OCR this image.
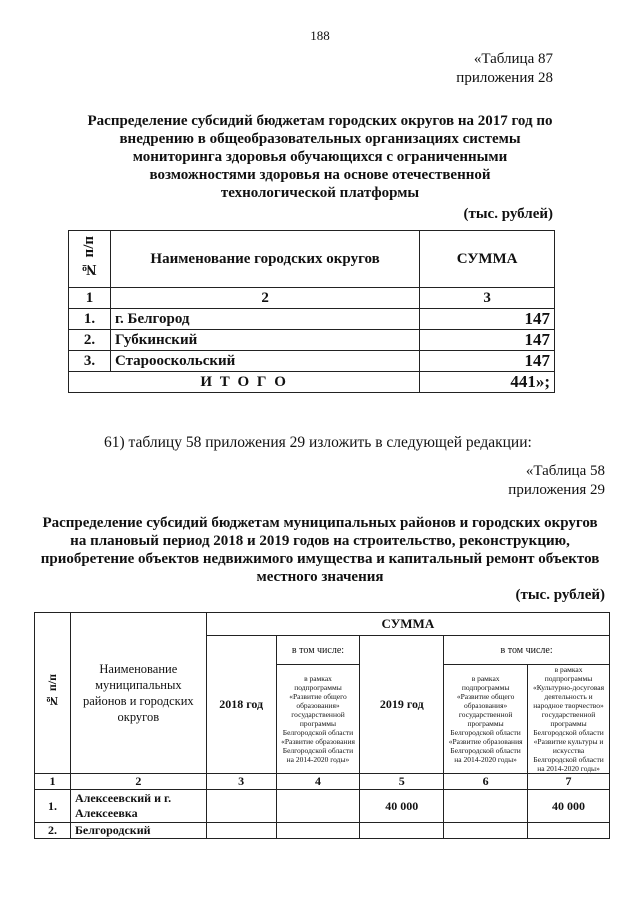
188
«Таблица 87
приложения 28
Распределение субсидий бюджетам городских округов на 2017 год по
внедрению в общеобразовательных организациях системы
мониторинга здоровья обучающихся с ограниченными
возможностями здоровья на основе отечественной
технологической платформы
(тыс. рублей)
№ п/п	Наименование городских округов	СУММА
1	2	3
1.	г. Белгород	147
2.	Губкинский	147
3.	Старооскольский	147
И Т О Г О		441»;
61) таблицу 58 приложения 29 изложить в следующей редакции:
«Таблица 58
приложения 29
Распределение субсидий бюджетам муниципальных районов и городских округов
на плановый период 2018 и 2019 годов на строительство, реконструкцию,
приобретение объектов недвижимого имущества и капитальный ремонт объектов
местного значения
(тыс. рублей)
№ п/п	Наименование муниципальных районов и городских округов	СУММА				
		2018 год	в том числе:	2019 год	в том числе:	
			в рамках подпрограммы «Развитие общего образования» государственной программы Белгородской области «Развитие образования Белгородской области на 2014-2020 годы»		в рамках подпрограммы «Развитие общего образования» государственной программы Белгородской области «Развитие образования Белгородской области на 2014-2020 годы»	в рамках подпрограммы «Культурно-досуговая деятельность и народное творчество» государственной программы Белгородской области «Развитие культуры и искусства Белгородской области на 2014-2020 годы»
1	2	3	4	5	6	7
1.	Алексеевский и г. Алексеевка			40 000		40 000
2.	Белгородский					
